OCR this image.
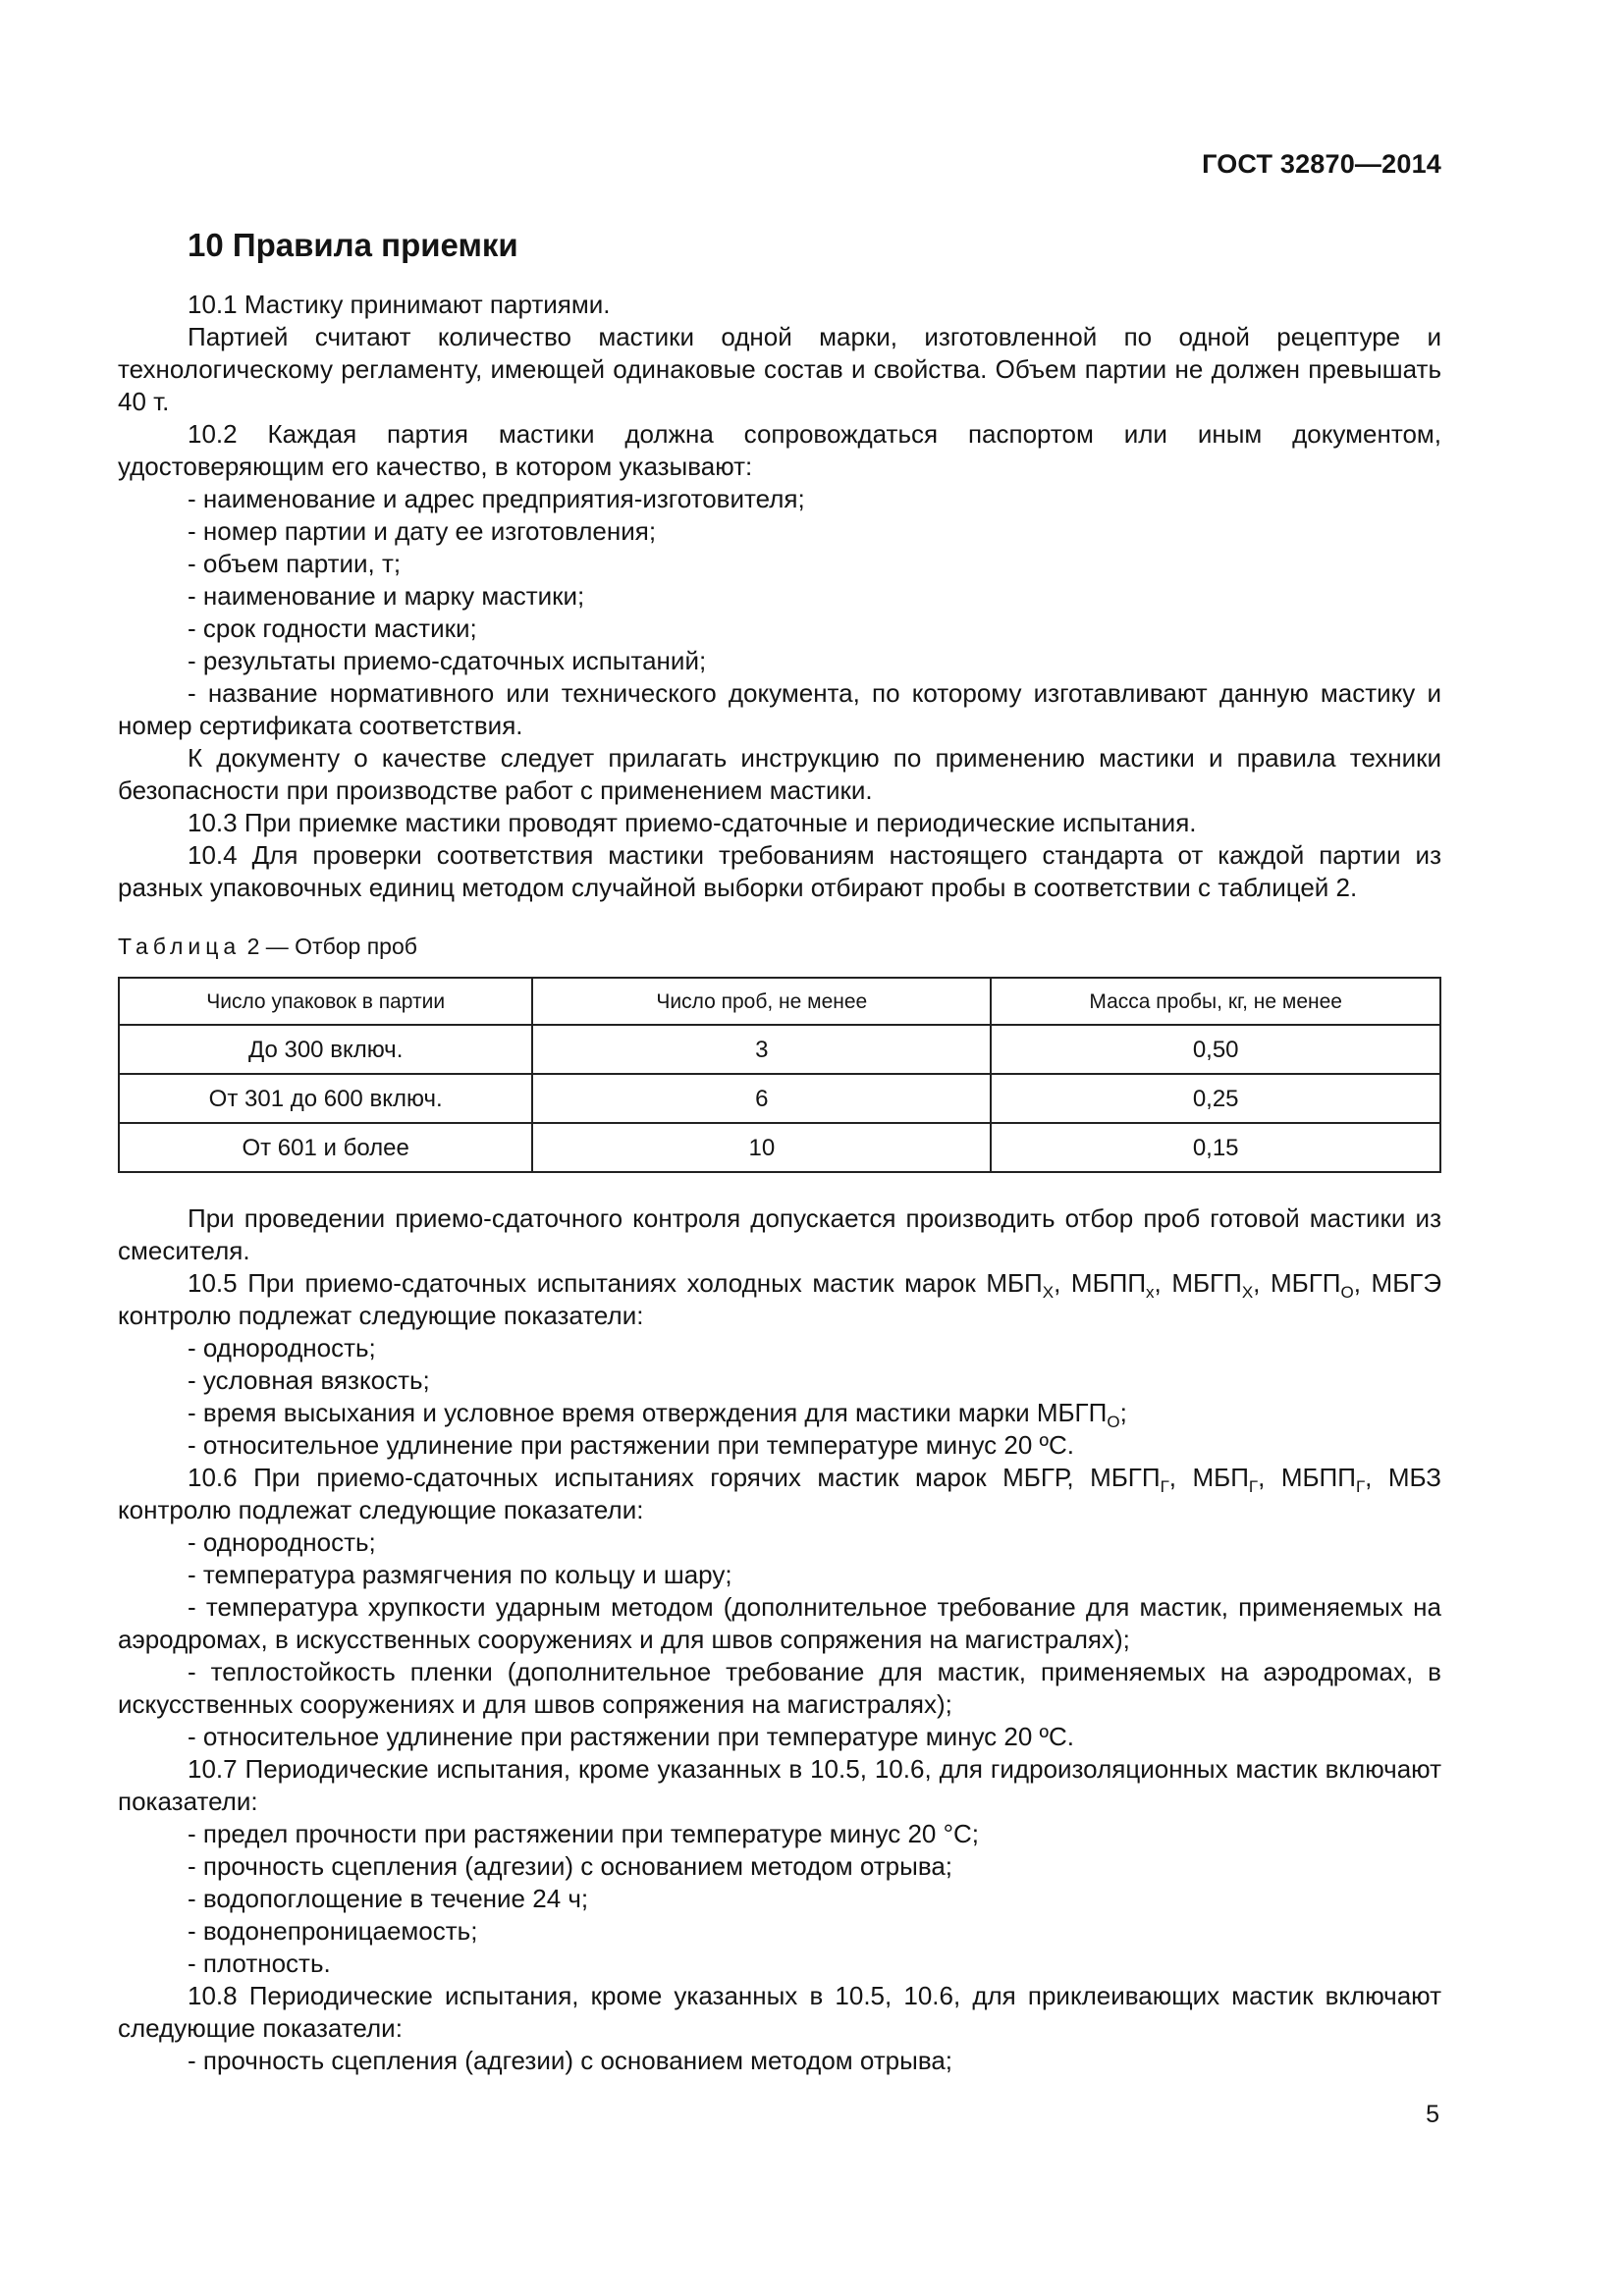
ГОСТ 32870—2014
10 Правила приемки

10.1 Мастику принимают партиями.

Партией считают количество мастики одной марки, изготовленной по одной рецептуре и технологическому регламенту, имеющей одинаковые состав и свойства. Объем партии не должен превышать 40 т.

10.2 Каждая партия мастики должна сопровождаться паспортом или иным документом, удостоверяющим его качество, в котором указывают:

- наименование и адрес предприятия-изготовителя;

- номер партии и дату ее изготовления;

- объем партии, т;

- наименование и марку мастики;

- срок годности мастики;

- результаты приемо-сдаточных испытаний;

- название нормативного или технического документа, по которому изготавливают данную мастику и номер сертификата соответствия.

К документу о качестве следует прилагать инструкцию по применению мастики и правила техники безопасности при производстве работ с применением мастики.

10.3 При приемке мастики проводят приемо-сдаточные и периодические испытания.

10.4 Для проверки соответствия мастики требованиям настоящего стандарта от каждой партии из разных упаковочных единиц методом случайной выборки отбирают пробы в соответствии с таблицей 2.

Таблица 2 — Отбор проб
Число упаковок в партии	Число проб, не менее	Масса пробы, кг, не менее
До 300 включ.	3	0,50
От 301 до 600 включ.	6	0,25
От 601 и более	10	0,15

При проведении приемо-сдаточного контроля допускается производить отбор проб готовой мастики из смесителя.

10.5 При приемо-сдаточных испытаниях холодных мастик марок $МБП_Х$, $МБПП_х$, $МБГП_Х$, $МБГП_О$, МБГЭ контролю подлежат следующие показатели:

- однородность;

- условная вязкость;

- время высыхания и условное время отверждения для мастики марки $МБГП_О$;

- относительное удлинение при растяжении при температуре минус 20 ºС.

10.6 При приемо-сдаточных испытаниях горячих мастик марок МБГР, $МБГП_Г$, $МБП_Г$, $МБПП_Г$, МБЗ контролю подлежат следующие показатели:

- однородность;

- температура размягчения по кольцу и шару;

- температура хрупкости ударным методом (дополнительное требование для мастик, применяемых на аэродромах, в искусственных сооружениях и для швов сопряжения на магистралях);

- теплостойкость пленки (дополнительное требование для мастик, применяемых на аэродромах, в искусственных сооружениях и для швов сопряжения на магистралях);

- относительное удлинение при растяжении при температуре минус 20 ºС.

10.7 Периодические испытания, кроме указанных в 10.5, 10.6, для гидроизоляционных мастик включают показатели:

- предел прочности при растяжении при температуре минус 20 °С;

- прочность сцепления (адгезии) с основанием методом отрыва;

- водопоглощение в течение 24 ч;

- водонепроницаемость;

- плотность.

10.8 Периодические испытания, кроме указанных в 10.5, 10.6, для приклеивающих мастик включают следующие показатели:

- прочность сцепления (адгезии) с основанием методом отрыва;

5
